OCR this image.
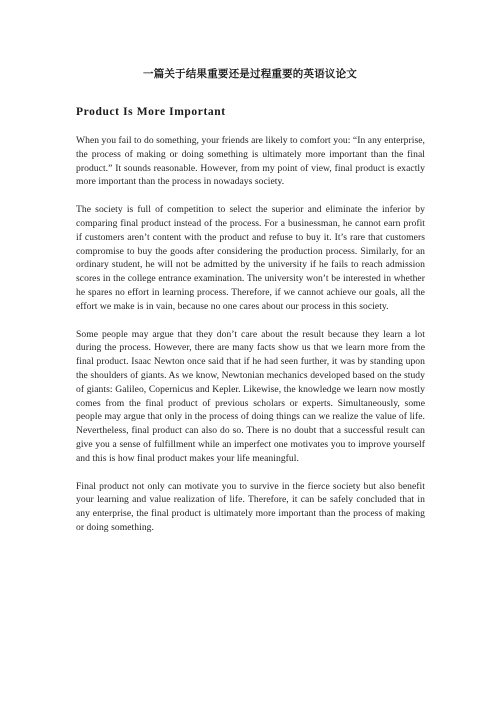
一篇关于结果重要还是过程重要的英语议论文
Product Is More Important

When you fail to do something, your friends are likely to comfort you: “In any enterprise, the process of making or doing something is ultimately more important than the final product.” It sounds reasonable. However, from my point of view, final product is exactly more important than the process in nowadays society.

The society is full of competition to select the superior and eliminate the inferior by comparing final product instead of the process. For a businessman, he cannot earn profit if customers aren’t content with the product and refuse to buy it. It’s rare that customers compromise to buy the goods after considering the production process. Similarly, for an ordinary student, he will not be admitted by the university if he fails to reach admission scores in the college entrance examination. The university won’t be interested in whether he spares no effort in learning process. Therefore, if we cannot achieve our goals, all the effort we make is in vain, because no one cares about our process in this society.

Some people may argue that they don’t care about the result because they learn a lot during the process. However, there are many facts show us that we learn more from the final product. Isaac Newton once said that if he had seen further, it was by standing upon the shoulders of giants. As we know, Newtonian mechanics developed based on the study of giants: Galileo, Copernicus and Kepler. Likewise, the knowledge we learn now mostly comes from the final product of previous scholars or experts. Simultaneously, some people may argue that only in the process of doing things can we realize the value of life. Nevertheless, final product can also do so. There is no doubt that a successful result can give you a sense of fulfillment while an imperfect one motivates you to improve yourself and this is how final product makes your life meaningful.

Final product not only can motivate you to survive in the fierce society but also benefit your learning and value realization of life. Therefore, it can be safely concluded that in any enterprise, the final product is ultimately more important than the process of making or doing something.
